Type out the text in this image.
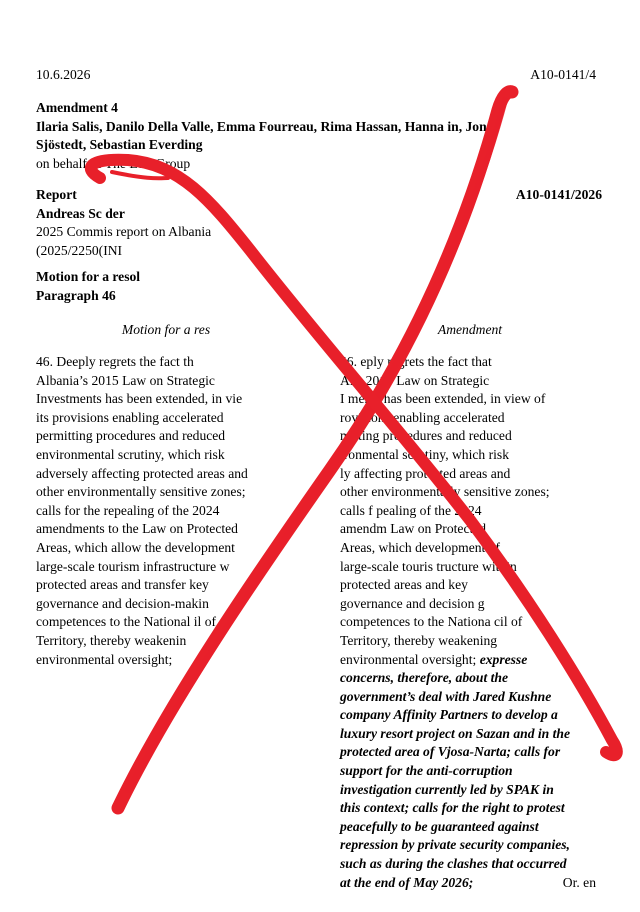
10.6.2026	A10-0141/4
Amendment 4
Ilaria Salis, Danilo Della Valle, Emma Fourreau, Rima Hassan, Hanna in, Jonas
Sjöstedt, Sebastian Everding
on behalf of The Left Group
Report	A10-0141/2026
Andreas Sc der
2025 Commis report on Albania
(2025/2250(INI
Motion for a resol
Paragraph 46
Motion for a res	Amendment
46. Deeply regrets the fact th
Albania’s 2015 Law on Strategic
Investments has been extended, in vie
its provisions enabling accelerated
permitting procedures and reduced
environmental scrutiny, which risk
adversely affecting protected areas and
other environmentally sensitive zones;
calls for the repealing of the 2024
amendments to the Law on Protected
Areas, which allow the development
large-scale tourism infrastructure w
protected areas and transfer key
governance and decision-makin
competences to the National il of
Territory, thereby weakenin
environmental oversight;
46. eply regrets the fact that
Al s 2015 Law on Strategic
I ments has been extended, in view of
rovisions enabling accelerated
mitting procedures and reduced
ironmental scrutiny, which risk
ly affecting protected areas and
other environmentally sensitive zones;
calls f pealing of the 2024
amendm Law on Protected
Areas, which development of
large-scale touris tructure within
protected areas and key
governance and decision g
competences to the Nationa cil of
Territory, thereby weakening
environmental oversight; expresse
concerns, therefore, about the
government’s deal with Jared Kushne
company Affinity Partners to develop a
luxury resort project on Sazan and in the
protected area of Vjosa-Narta; calls for
support for the anti-corruption
investigation currently led by SPAK in
this context; calls for the right to protest
peacefully to be guaranteed against
repression by private security companies,
such as during the clashes that occurred
at the end of May 2026;	Or. en
